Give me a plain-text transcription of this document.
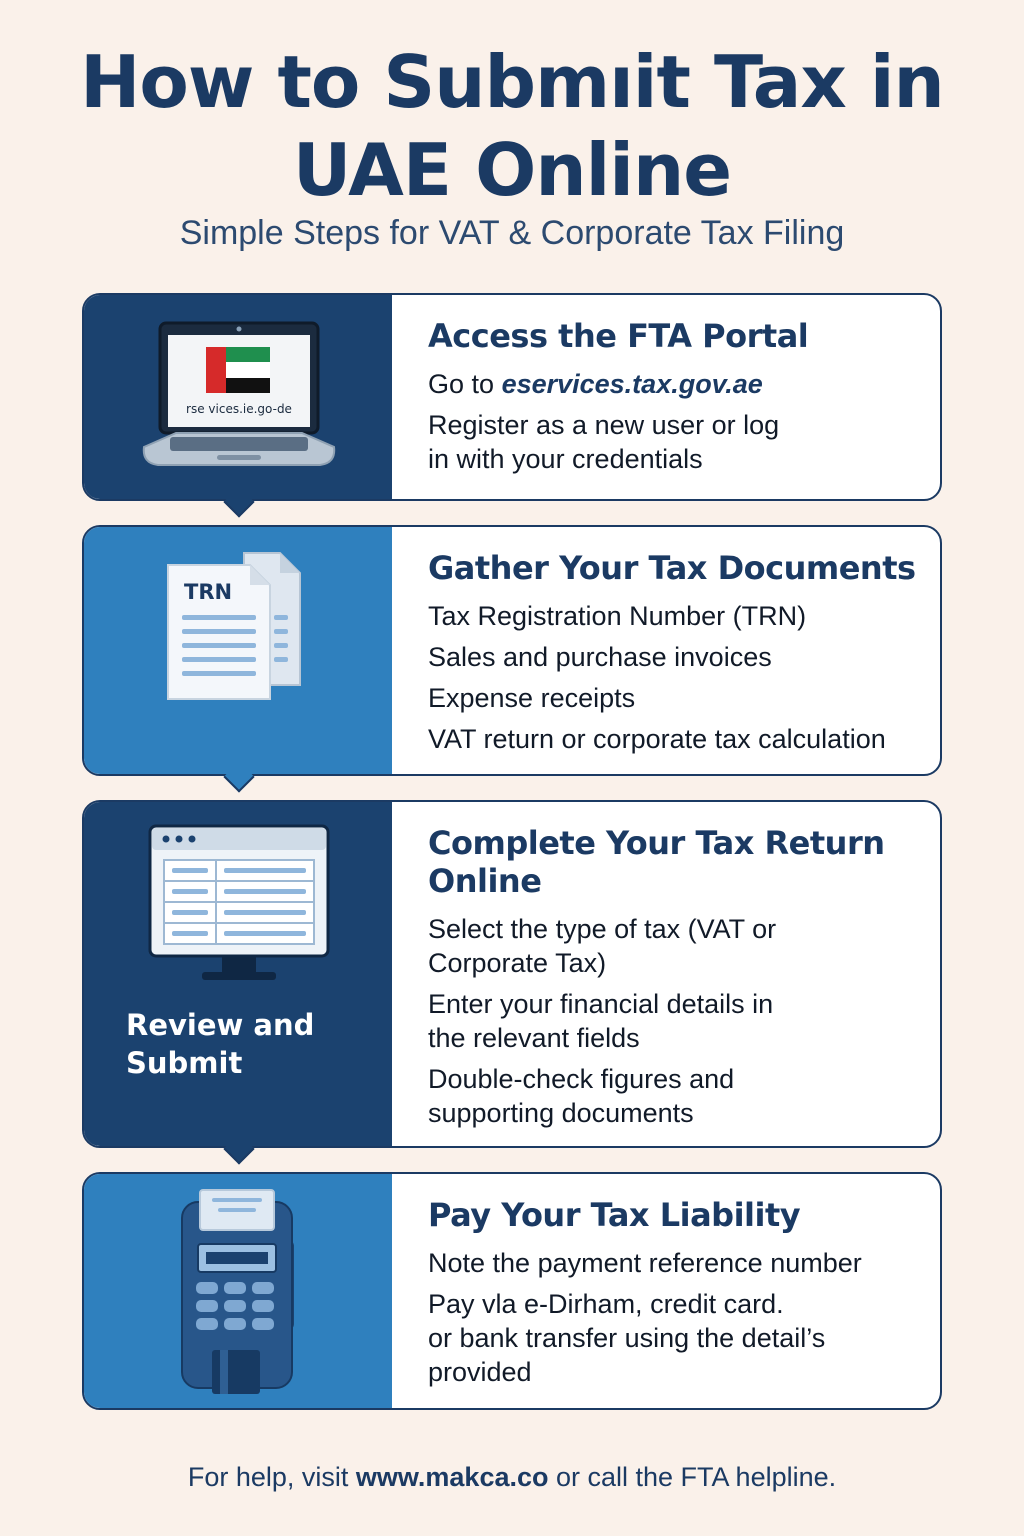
How to Submıit Tax in
UAE Online
Simple Steps for VAT & Corporate Tax Filing
rse vices.ie.go-de
Access the FTA Portal
Go to eservices.tax.gov.ae
Register as a new user or log
in with your credentials
TRN
Gather Your Tax Documents
Tax Registration Number (TRN)
Sales and purchase invoices
Expense receipts
VAT return or corporate tax calculation
Review and
Submit
Complete Your Tax Return
Online
Select the type of tax (VAT or
Corporate Tax)
Enter your financial details in
the relevant fields
Double-check figures and
supporting documents
Pay Your Tax Liability
Note the payment reference number
Pay vla e-Dirham, credit card.
or bank transfer using the detail’s
provided
For help, visit www.makca.co or call the FTA helpline.
